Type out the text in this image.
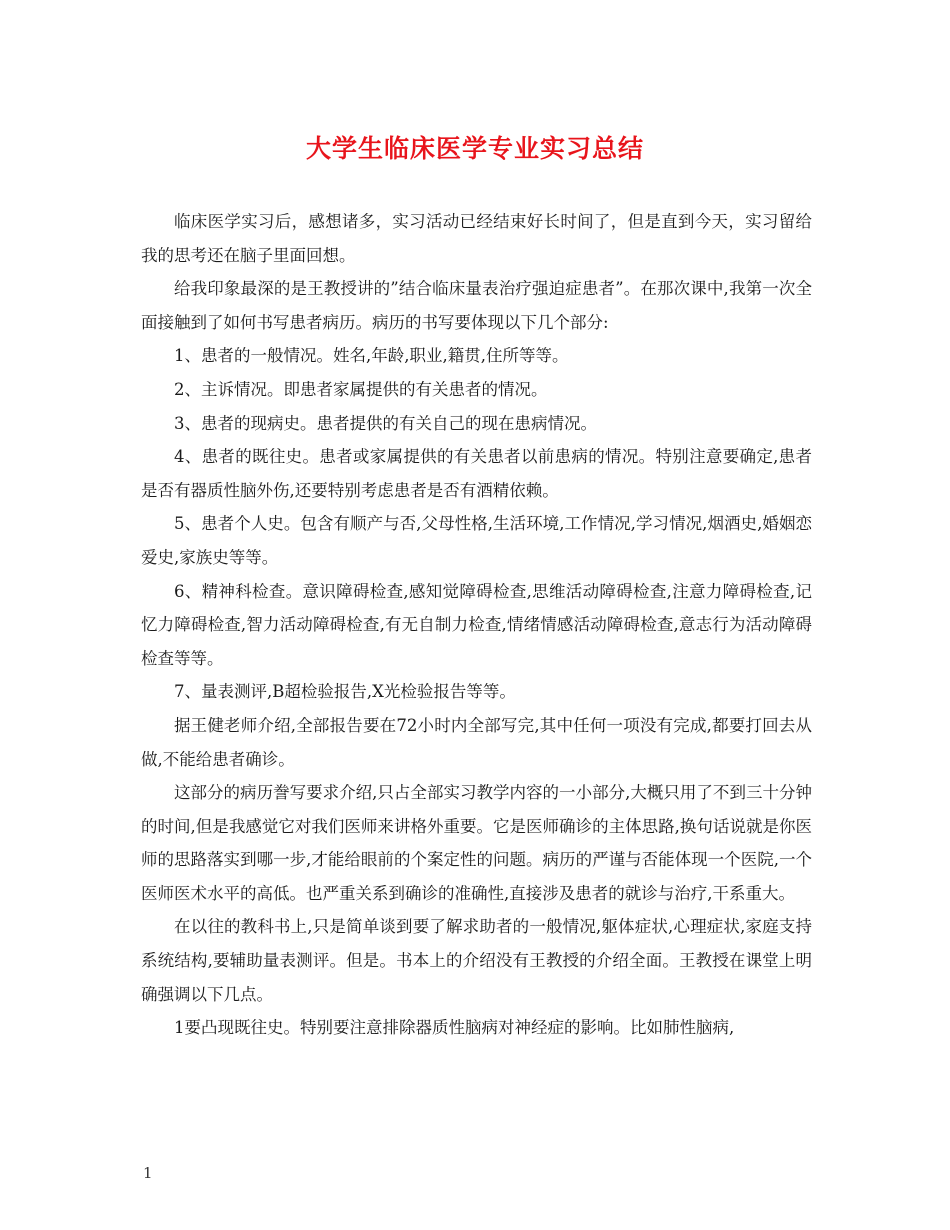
大学生临床医学专业实习总结

临床医学实习后，感想诸多，实习活动已经结束好长时间了，但是直到今天，实习留给我的思考还在脑子里面回想。

给我印象最深的是王教授讲的”结合临床量表治疗强迫症患者”。在那次课中,我第一次全面接触到了如何书写患者病历。病历的书写要体现以下几个部分:

1、患者的一般情况。姓名,年龄,职业,籍贯,住所等等。

2、主诉情况。即患者家属提供的有关患者的情况。

3、患者的现病史。患者提供的有关自己的现在患病情况。

4、患者的既往史。患者或家属提供的有关患者以前患病的情况。特别注意要确定,患者是否有器质性脑外伤,还要特别考虑患者是否有酒精依赖。

5、患者个人史。包含有顺产与否,父母性格,生活环境,工作情况,学习情况,烟酒史,婚姻恋爱史,家族史等等。

6、精神科检查。意识障碍检查,感知觉障碍检查,思维活动障碍检查,注意力障碍检查,记忆力障碍检查,智力活动障碍检查,有无自制力检查,情绪情感活动障碍检查,意志行为活动障碍检查等等。

7、量表测评,B超检验报告,X光检验报告等等。

据王健老师介绍,全部报告要在72小时内全部写完,其中任何一项没有完成,都要打回去从做,不能给患者确诊。

这部分的病历誊写要求介绍,只占全部实习教学内容的一小部分,大概只用了不到三十分钟的时间,但是我感觉它对我们医师来讲格外重要。它是医师确诊的主体思路,换句话说就是你医师的思路落实到哪一步,才能给眼前的个案定性的问题。病历的严谨与否能体现一个医院,一个医师医术水平的高低。也严重关系到确诊的准确性,直接涉及患者的就诊与治疗,干系重大。

在以往的教科书上,只是简单谈到要了解求助者的一般情况,躯体症状,心理症状,家庭支持系统结构,要辅助量表测评。但是。书本上的介绍没有王教授的介绍全面。王教授在课堂上明确强调以下几点。

1要凸现既往史。特别要注意排除器质性脑病对神经症的影响。比如肺性脑病,

1
